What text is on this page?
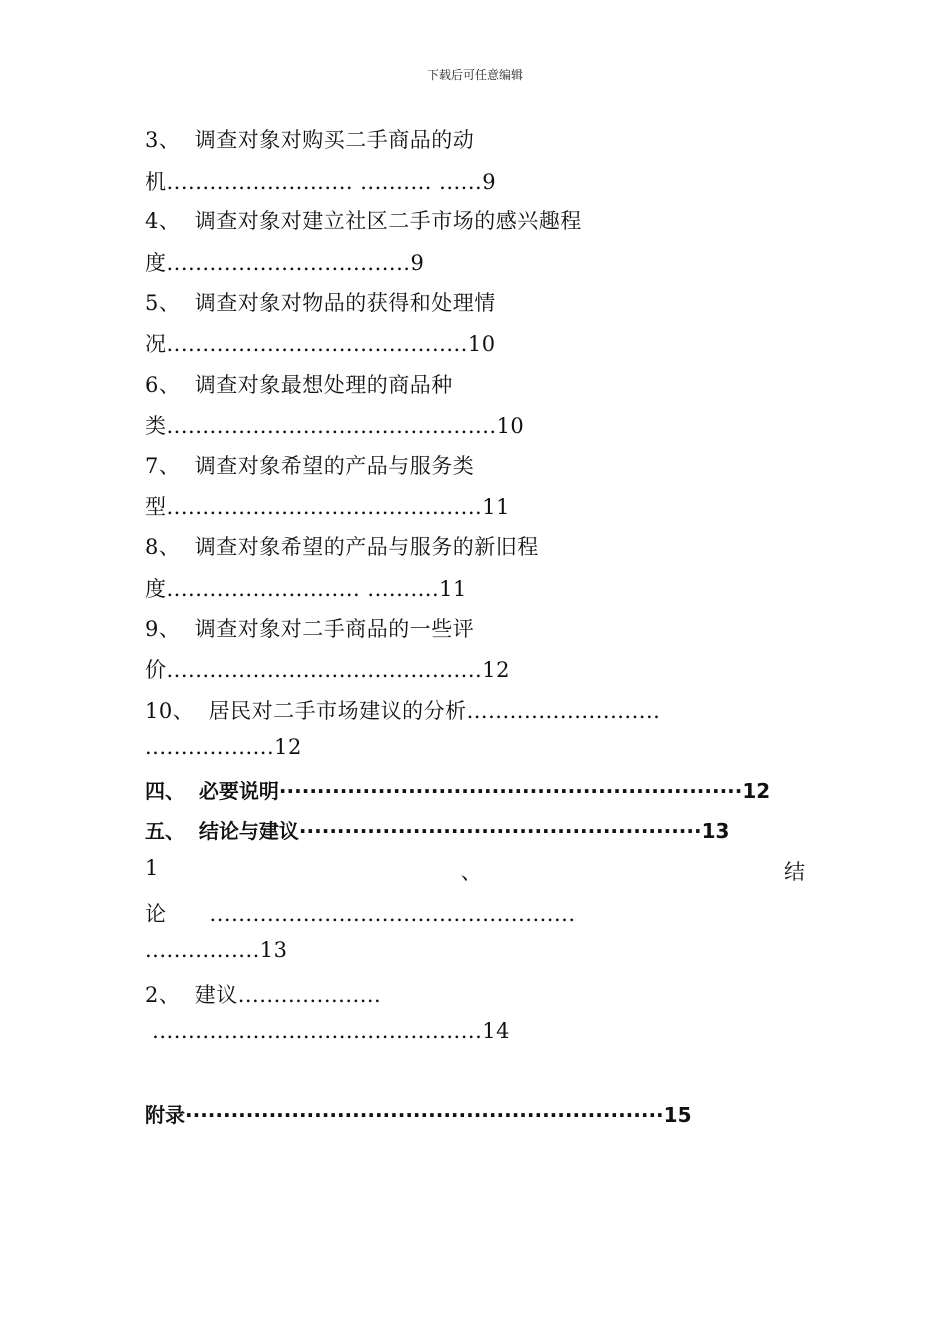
下载后可任意编辑
3、  调查对象对购买二手商品的动
机.......................... .......... ......9
4、  调查对象对建立社区二手市场的感兴趣程
度..................................9
5、  调查对象对物品的获得和处理情
况..........................................10
6、  调查对象最想处理的商品种
类..............................................10
7、  调查对象希望的产品与服务类
型............................................11
8、  调查对象希望的产品与服务的新旧程
度........................... ..........11
9、  调查对象对二手商品的一些评
价............................................12
10、  居民对二手市场建议的分析...........................
..................12
四、  必要说明·····························································12
五、  结论与建议·····················································13
1	、	结
论      ...................................................
................13
2、  建议....................
..............................................14
附录·······························································15
